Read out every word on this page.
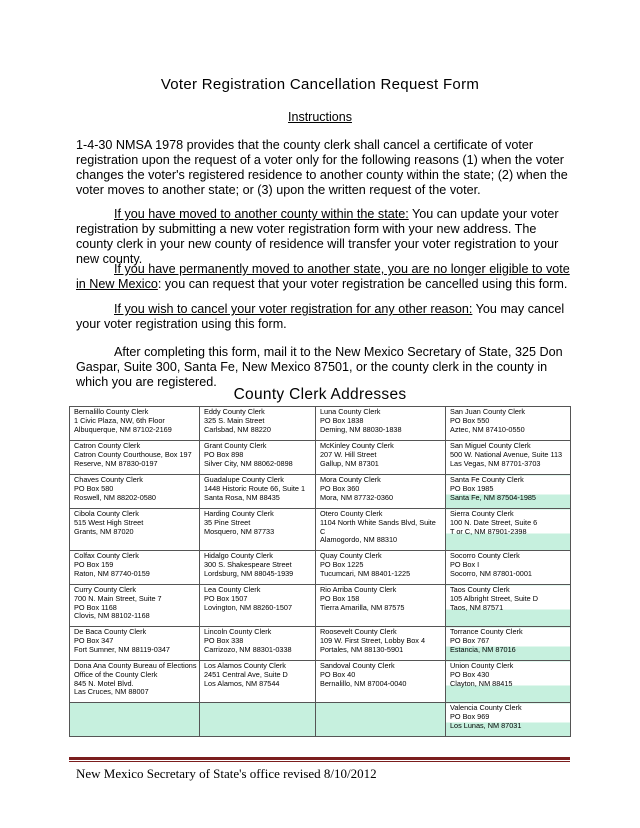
Voter Registration Cancellation Request Form
Instructions

1-4-30 NMSA 1978 provides that the county clerk shall cancel a certificate of voter registration upon the request of a voter only for the following reasons (1) when the voter changes the voter's registered residence to another county within the state; (2) when the voter moves to another state; or (3) upon the written request of the voter.

If you have moved to another county within the state: You can update your voter registration by submitting a new voter registration form with your new address. The county clerk in your new county of residence will transfer your voter registration to your new county.

If you have permanently moved to another state, you are no longer eligible to vote in New Mexico: you can request that your voter registration be cancelled using this form.

If you wish to cancel your voter registration for any other reason: You may cancel your voter registration using this form.

After completing this form, mail it to the New Mexico Secretary of State, 325 Don Gaspar, Suite 300, Santa Fe, New Mexico 87501, or the county clerk in the county in which you are registered.

County Clerk Addresses
Bernalillo County Clerk
1 Civic Plaza, NW, 6th Floor
Albuquerque, NM 87102-2169	Eddy County Clerk
325 S. Main Street
Carlsbad, NM 88220	Luna County Clerk
PO Box 1838
Deming, NM 88030-1838	San Juan County Clerk
PO Box 550
Aztec, NM 87410-0550

Catron County Clerk
Catron County Courthouse, Box 197
Reserve, NM 87830-0197	Grant County Clerk
PO Box 898
Silver City, NM 88062-0898	McKinley County Clerk
207 W. Hill Street
Gallup, NM 87301	San Miguel County Clerk
500 W. National Avenue, Suite 113
Las Vegas, NM 87701-3703

Chaves County Clerk
PO Box 580
Roswell, NM 88202-0580	Guadalupe County Clerk
1448 Historic Route 66, Suite 1
Santa Rosa, NM 88435	Mora County Clerk
PO Box 360
Mora, NM 87732-0360	Santa Fe County Clerk
PO Box 1985
Santa Fe, NM 87504-1985

Cibola County Clerk
515 West High Street
Grants, NM 87020	Harding County Clerk
35 Pine Street
Mosquero, NM 87733	Otero County Clerk
1104 North White Sands Blvd, Suite C
Alamogordo, NM 88310	Sierra County Clerk
100 N. Date Street, Suite 6
T or C, NM 87901-2398

Colfax County Clerk
PO Box 159
Raton, NM 87740-0159	Hidalgo County Clerk
300 S. Shakespeare Street
Lordsburg, NM 88045-1939	Quay County Clerk
PO Box 1225
Tucumcari, NM 88401-1225	Socorro County Clerk
PO Box I
Socorro, NM 87801-0001

Curry County Clerk
700 N. Main Street, Suite 7
PO Box 1168
Clovis, NM 88102-1168	Lea County Clerk
PO Box 1507
Lovington, NM 88260-1507	Rio Arriba County Clerk
PO Box 158
Tierra Amarilla, NM 87575	Taos County Clerk
105 Albright Street, Suite D
Taos, NM 87571

De Baca County Clerk
PO Box 347
Fort Sumner, NM 88119-0347	Lincoln County Clerk
PO Box 338
Carrizozo, NM 88301-0338	Roosevelt County Clerk
109 W. First Street, Lobby Box 4
Portales, NM 88130-5901	Torrance County Clerk
PO Box 767
Estancia, NM 87016

Dona Ana County Bureau of Elections
Office of the County Clerk
845 N. Motel Blvd.
Las Cruces, NM 88007	Los Alamos County Clerk
2451 Central Ave, Suite D
Los Alamos, NM 87544	Sandoval County Clerk
PO Box 40
Bernalillo, NM 87004-0040	Union County Clerk
PO Box 430
Clayton, NM 88415

			Valencia County Clerk
PO Box 969
Los Lunas, NM 87031
New Mexico Secretary of State's office revised 8/10/2012
